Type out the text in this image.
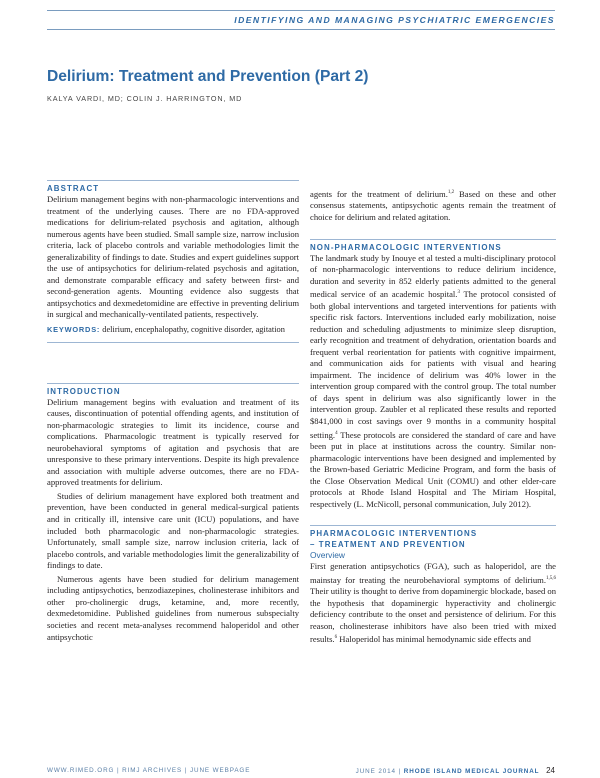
IDENTIFYING AND MANAGING PSYCHIATRIC EMERGENCIES
Delirium: Treatment and Prevention (Part 2)
KALYA VARDI, MD; COLIN J. HARRINGTON, MD
ABSTRACT

Delirium management begins with non-pharmacologic interventions and treatment of the underlying causes. There are no FDA-approved medications for delirium-related psychosis and agitation, although numerous agents have been studied. Small sample size, narrow inclusion criteria, lack of placebo controls and variable methodologies limit the generalizability of findings to date. Studies and expert guidelines support the use of antipsychotics for delirium-related psychosis and agitation, and demonstrate comparable efficacy and safety between first- and second-generation agents. Mounting evidence also suggests that antipsychotics and dexmedetomidine are effective in preventing delirium in surgical and mechanically-ventilated patients, respectively.

KEYWORDS: delirium, encephalopathy, cognitive disorder, agitation

INTRODUCTION

Delirium management begins with evaluation and treatment of its causes, discontinuation of potential offending agents, and institution of non-pharmacologic strategies to limit its incidence, course and complications. Pharmacologic treatment is typically reserved for neurobehavioral symptoms of agitation and psychosis that are unresponsive to these primary interventions. Despite its high prevalence and association with multiple adverse outcomes, there are no FDA-approved treatments for delirium.

Studies of delirium management have explored both treatment and prevention, have been conducted in general medical-surgical patients and in critically ill, intensive care unit (ICU) populations, and have included both pharmacologic and non-pharmacologic strategies. Unfortunately, small sample size, narrow inclusion criteria, lack of placebo controls, and variable methodologies limit the generalizability of findings to date.

Numerous agents have been studied for delirium management including antipsychotics, benzodiazepines, cholinesterase inhibitors and other pro-cholinergic drugs, ketamine, and, more recently, dexmedetomidine. Published guidelines from numerous subspecialty societies and recent meta-analyses recommend haloperidol and other antipsychotic

agents for the treatment of delirium.$^{1,2}$ Based on these and other consensus statements, antipsychotic agents remain the treatment of choice for delirium and related agitation.

NON-PHARMACOLOGIC INTERVENTIONS

The landmark study by Inouye et al tested a multi-disciplinary protocol of non-pharmacologic interventions to reduce delirium incidence, duration and severity in 852 elderly patients admitted to the general medical service of an academic hospital.$^3$ The protocol consisted of both global interventions and targeted interventions for patients with specific risk factors. Interventions included early mobilization, noise reduction and scheduling adjustments to minimize sleep disruption, early recognition and treatment of dehydration, orientation boards and frequent verbal reorientation for patients with cognitive impairment, and communication aids for patients with visual and hearing impairment. The incidence of delirium was 40% lower in the intervention group compared with the control group. The total number of days spent in delirium was also significantly lower in the intervention group. Zaubler et al replicated these results and reported $841,000 in cost savings over 9 months in a community hospital setting.$^4$ These protocols are considered the standard of care and have been put in place at institutions across the country. Similar non-pharmacologic interventions have been designed and implemented by the Brown-based Geriatric Medicine Program, and form the basis of the Close Observation Medical Unit (COMU) and other elder-care protocols at Rhode Island Hospital and The Miriam Hospital, respectively (L. McNicoll, personal communication, July 2012).

PHARMACOLOGIC INTERVENTIONS
– TREATMENT AND PREVENTION
Overview

First generation antipsychotics (FGA), such as haloperidol, are the mainstay for treating the neurobehavioral symptoms of delirium.$^{1,5,6}$ Their utility is thought to derive from dopaminergic blockade, based on the hypothesis that dopaminergic hyperactivity and cholinergic deficiency contribute to the onset and persistence of delirium. For this reason, cholinesterase inhibitors have also been tried with mixed results.$^6$ Haloperidol has minimal hemodynamic side effects and

WWW.RIMED.ORG | RIMJ ARCHIVES | JUNE WEBPAGE	JUNE 2014 | RHODE ISLAND MEDICAL JOURNAL 24
